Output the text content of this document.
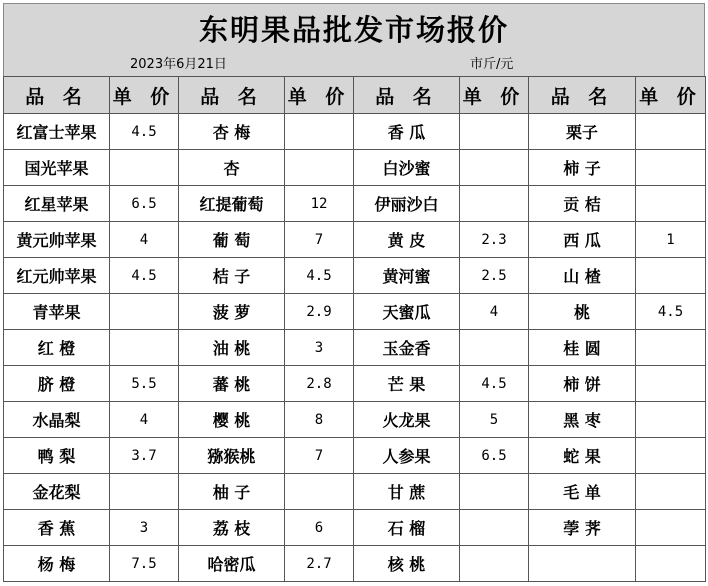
东明果品批发市场报价
2023年6月21日	市斤/元
品 名	单 价	品 名	单 价	品 名	单 价	品 名	单 价
红富士苹果	4.5	杏 梅		香 瓜		栗子	
国光苹果		杏		白沙蜜		柿 子	
红星苹果	6.5	红提葡萄	12	伊丽沙白		贡 桔	
黄元帅苹果	4	葡 萄	7	黄 皮	2.3	西 瓜	1
红元帅苹果	4.5	桔 子	4.5	黄河蜜	2.5	山 楂	
青苹果		菠 萝	2.9	天蜜瓜	4	桃	4.5
红 橙		油 桃	3	玉金香		桂 圆	
脐 橙	5.5	蕃 桃	2.8	芒 果	4.5	柿 饼	
水晶梨	4	樱 桃	8	火龙果	5	黑 枣	
鸭 梨	3.7	猕猴桃	7	人参果	6.5	蛇 果	
金花梨		柚 子		甘 蔗		毛 单	
香 蕉	3	荔 枝	6	石 榴		荸 荠	
杨 梅	7.5	哈密瓜	2.7	核 桃			
